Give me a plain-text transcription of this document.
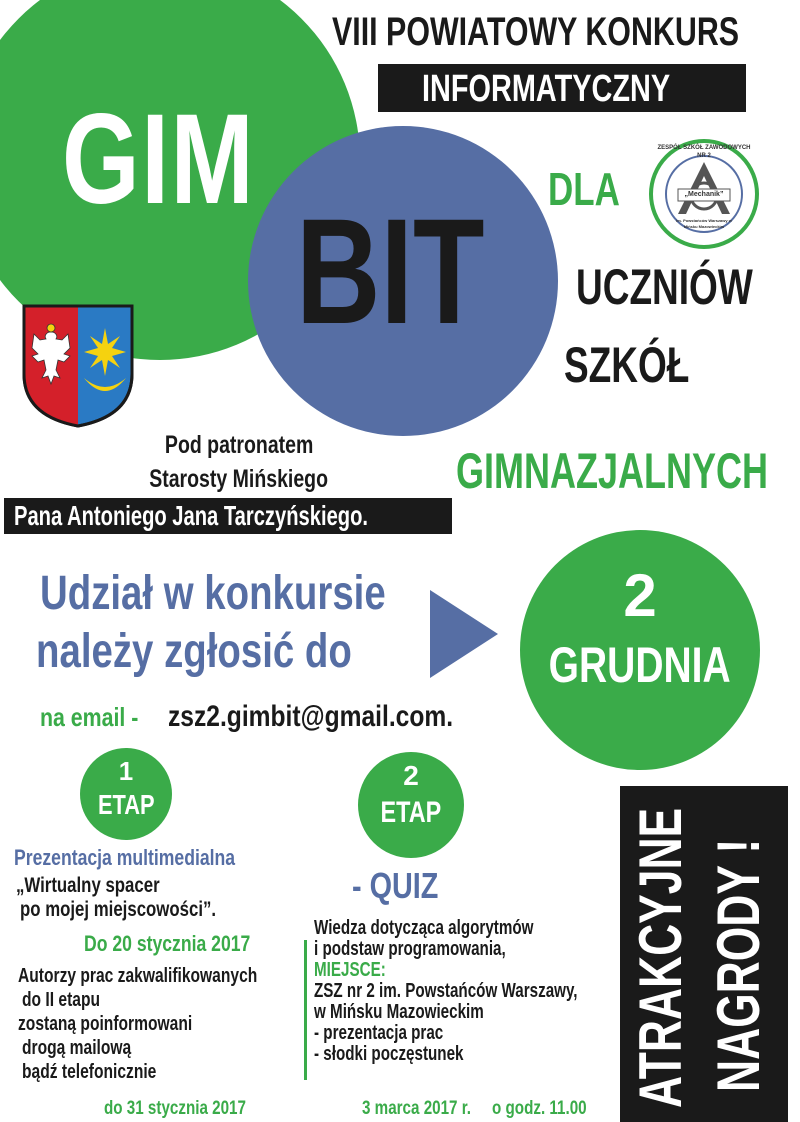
GIM
VIII POWIATOWY KONKURS
INFORMATYCZNY
BIT DLA
UCZNIÓW
SZKÓŁ
GIMNAZJALNYCH
„Mechanik”
ZESPÓŁ SZKÓŁ ZAWODOWYCH NR 2
im. Powstańców Warszawy w Mińsku Mazowieckim
Pod patronatem
Starosty Mińskiego
Pana Antoniego Jana Tarczyńskiego.
Udział w konkursie
należy zgłosić do
2
GRUDNIA
na email - zsz2.gimbit@gmail.com.
1
ETAP
2
ETAP
Prezentacja multimedialna
„Wirtualny spacer
po mojej miejscowości”.
Do 20 stycznia 2017
Autorzy prac zakwalifikowanych
do II etapu
zostaną poinformowani
drogą mailową
bądź telefonicznie
do 31 stycznia 2017
- QUIZ
Wiedza dotycząca algorytmów
i podstaw programowania,
MIEJSCE:
ZSZ nr 2 im. Powstańców Warszawy,
w Mińsku Mazowieckim
- prezentacja prac
- słodki poczęstunek
3 marca 2017 r. o godz. 11.00
ATRAKCYJNE NAGRODY !
